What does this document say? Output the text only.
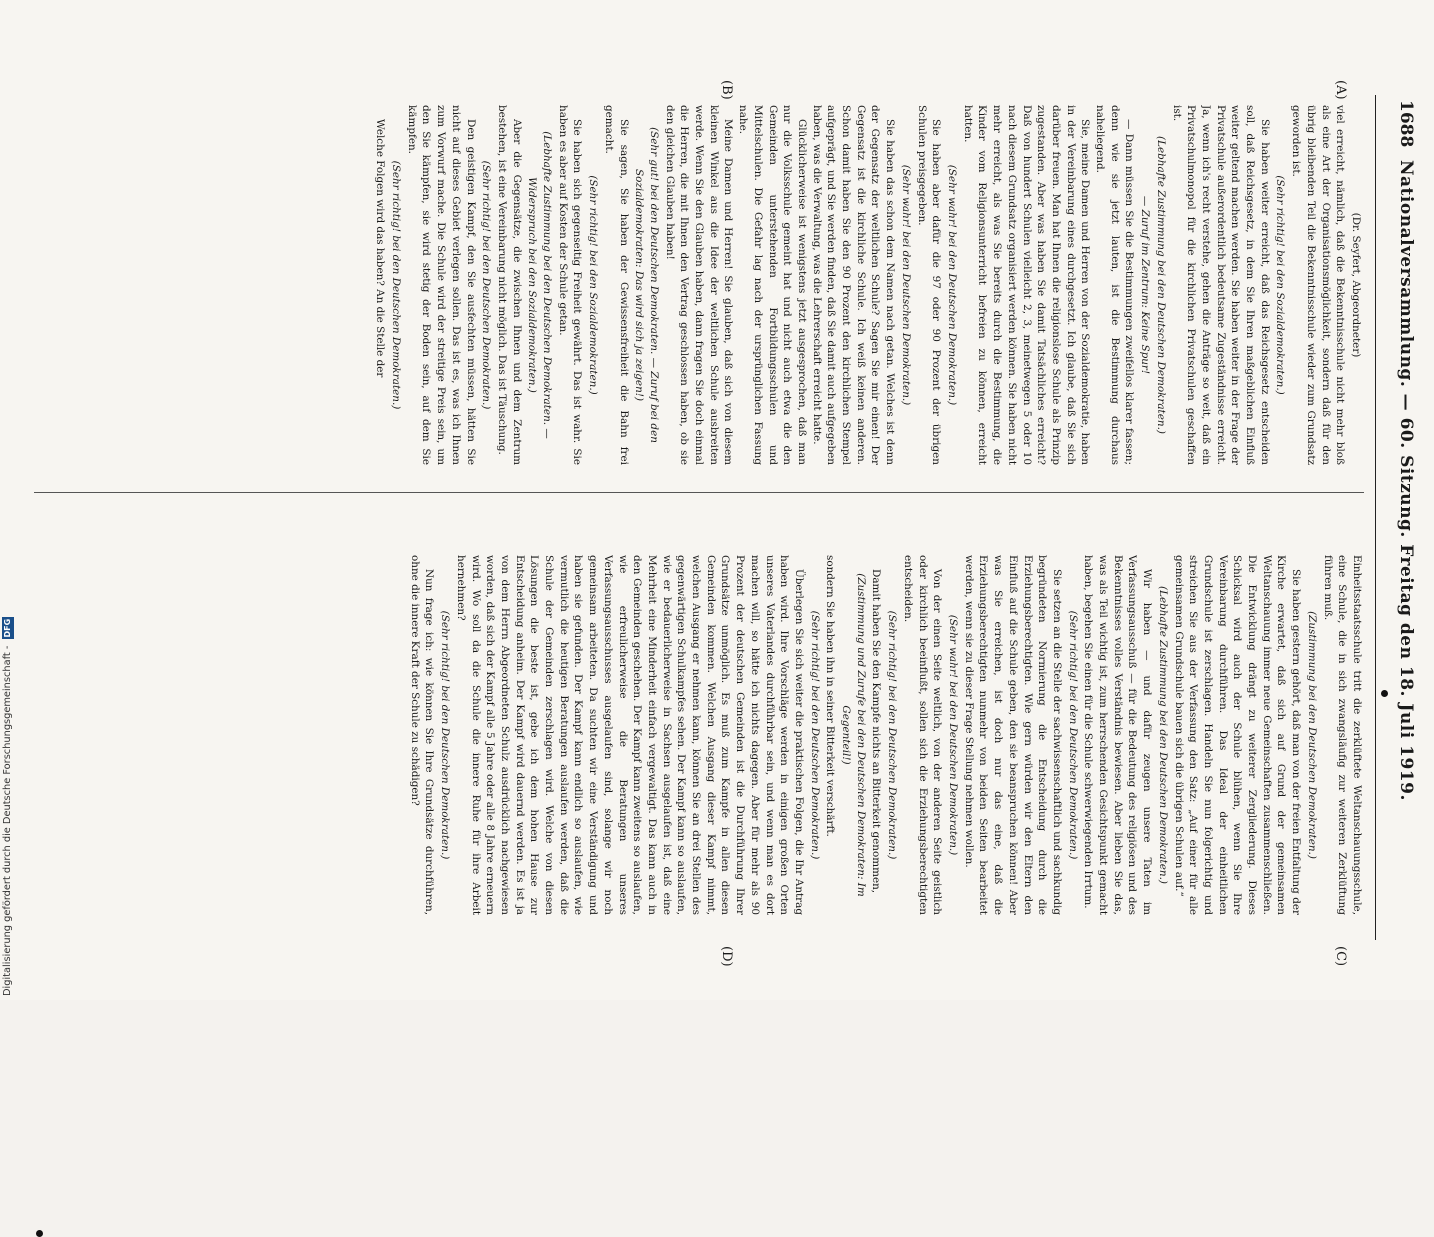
1688
Nationalversammlung. — 60. Sitzung. Freitag den 18. Juli 1919.
(A)
(B)
(C)
(D)

(Dr. Seyfert, Abgeordneter)

viel erreicht, nämlich, daß die Bekenntnisschule nicht mehr bloß als eine Art der Organisationsmöglichkeit, sondern daß für den übrig bleibenden Teil die Bekenntnisschule wieder zum Grundsatz geworden ist.

(Sehr richtig! bei den Sozialdemokraten.)

Sie haben weiter erreicht, daß das Reichsgesetz entscheiden soll, daß Reichsgesetz, in dem Sie Ihren maßgeblichen Einfluß weiter geltend machen werden. Sie haben weiter in der Frage der Privatschule außerordentlich bedeutsame Zugeständnisse erreicht. Ja, wenn ich's recht verstehe, gehen die Anträge so weit, daß ein Privatschulmonopol für die kirchlichen Privatschulen geschaffen ist.

(Lebhafte Zustimmung bei den Deutschen Demokraten.)

— Zuruf im Zentrum: Keine Spur!

— Dann müssen Sie die Bestimmungen zweifellos klarer fassen; denn wie sie jetzt lauten, ist die Bestimmung durchaus naheliegend.

Sie, meine Damen und Herren von der Sozialdemokratie, haben in der Vereinbarung eines durchgesetzt. Ich glaube, daß Sie sich darüber freuen. Man hat Ihnen die religionslose Schule als Prinzip zugestanden. Aber was haben Sie damit Tatsächliches erreicht? Daß von hundert Schulen vielleicht 2, 3, meinetwegen 5 oder 10 nach diesem Grundsatz organisiert werden können. Sie haben nicht mehr erreicht, als was Sie bereits durch die Bestimmung, die Kinder vom Religionsunterricht befreien zu können, erreicht hatten.

(Sehr wahr! bei den Deutschen Demokraten.)

Sie haben aber dafür die 97 oder 90 Prozent der übrigen Schulen preisgegeben.

(Sehr wahr! bei den Deutschen Demokraten.)

Sie haben das schon dem Namen nach getan. Welches ist denn der Gegensatz der weltlichen Schule? Sagen Sie mir einen! Der Gegensatz ist die kirchliche Schule. Ich weiß keinen anderen. Schon damit haben Sie den 90 Prozent den kirchlichen Stempel aufgeprägt, und Sie werden finden, daß Sie damit auch aufgegeben haben, was die Verwaltung, was die Lehrerschaft erreicht hatte.

Glücklicherweise ist wenigstens jetzt ausgesprochen, daß man nur die Volksschule gemeint hat und nicht auch etwa die den Gemeinden unterstehenden Fortbildungsschulen und Mittelschulen. Die Gefahr lag nach der ursprünglichen Fassung nahe.

Meine Damen und Herren! Sie glauben, daß sich von diesem kleinen Winkel aus die Idee der weltlichen Schule ausbreiten werde. Wenn Sie den Glauben haben, dann fragen Sie doch einmal die Herren, die mit Ihnen den Vertrag geschlossen haben, ob sie den gleichen Glauben haben!

(Sehr gut! bei den Deutschen Demokraten. — Zuruf bei den Sozialdemokraten: Das wird sich ja zeigen!)

Sie sagen, Sie haben der Gewissensfreiheit die Bahn frei gemacht.

(Sehr richtig! bei den Sozialdemokraten.)

Sie haben sich gegenseitig Freiheit gewährt. Das ist wahr. Sie haben es aber auf Kosten der Schule getan.

(Lebhafte Zustimmung bei den Deutschen Demokraten. — Widerspruch bei den Sozialdemokraten.)

Aber die Gegensätze, die zwischen Ihnen und dem Zentrum bestehen, ist eine Vereinbarung nicht möglich. Das ist Täuschung.

(Sehr richtig! bei den Deutschen Demokraten.)

Den geistigen Kampf, den Sie ausfechten müssen, hätten Sie nicht auf dieses Gebiet verlegen sollen. Das ist es, was ich Ihnen zum Vorwurf mache. Die Schule wird der streitige Preis sein, um den Sie kämpfen, sie wird stetig der Boden sein, auf dem Sie kämpfen.

(Sehr richtig! bei den Deutschen Demokraten.)

Welche Folgen wird das haben? An die Stelle der

Einheitsstaatsschule tritt die zerklüftete Weltanschauungsschule, eine Schule, die in sich zwangsläufig zur weiteren Zerklüftung führen muß.

(Zustimmung bei den Deutschen Demokraten.)

Sie haben gestern gehört, daß man von der freien Entfaltung der Kirche erwartet, daß sich auf Grund der gemeinsamen Weltanschauung immer neue Gemeinschaften zusammenschließen. Die Entwicklung drängt zu weiterer Zergliederung. Dieses Schicksal wird auch der Schule blühen, wenn Sie Ihre Vereinbarung durchführen. Das Ideal der einheitlichen Grundschule ist zerschlagen. Handeln Sie nun folgerichtig und streichen Sie aus der Verfassung den Satz: „Auf einer für alle gemeinsamen Grundschule bauen sich die übrigen Schulen auf.“

(Lebhafte Zustimmung bei den Deutschen Demokraten.)

Wir haben — und dafür zeugen unsere Taten im Verfassungsausschuß — für die Bedeutung des religiösen und des Bekenntnisses volles Verständnis bewiesen. Aber lieben Sie das, was als Teil wichtig ist, zum herrschenden Gesichtspunkt gemacht haben, begehen Sie einen für die Schule schwerwiegenden Irrtum.

(Sehr richtig! bei den Deutschen Demokraten.)

Sie setzen an die Stelle der sachwissenschaftlich und sachkundig begründeten Normierung die Entscheidung durch die Erziehungsberechtigten. Wie gern würden wir den Eltern den Einfluß auf die Schule geben, den sie beanspruchen können! Aber was Sie erreichen, ist doch nur das eine, daß die Erziehungsberechtigten nunmehr von beiden Seiten bearbeitet werden, wenn sie zu dieser Frage Stellung nehmen wollen.

(Sehr wahr! bei den Deutschen Demokraten.)

Von der einen Seite weltlich, von der anderen Seite geistlich oder kirchlich beeinflußt, sollen sich die Erziehungsberechtigten entscheiden.

(Sehr richtig! bei den Deutschen Demokraten.)

Damit haben Sie den Kampfe nichts an Bitterkeit genommen,

(Zustimmung und Zurufe bei den Deutschen Demokraten: Im Gegenteil!)

sondern Sie haben ihn in seiner Bitterkeit verschärft.

(Sehr richtig! bei den Deutschen Demokraten.)

Überlegen Sie sich weiter die praktischen Folgen, die Ihr Antrag haben wird. Ihre Vorschläge werden in einigen großen Orten unseres Vaterlandes durchführbar sein, und wenn man es dort machen will, so hätte ich nichts dagegen. Aber für mehr als 90 Prozent der deutschen Gemeinden ist die Durchführung Ihrer Grundsätze unmöglich. Es muß zum Kampfe in allen diesen Gemeinden kommen. Welchen Ausgang dieser Kampf nimmt, welchen Ausgang er nehmen kann, können Sie an drei Stellen des gegenwärtigen Schulkampfes sehen. Der Kampf kann so auslaufen, wie er bedauerlicherweise in Sachsen ausgelaufen ist, daß eine Mehrheit eine Minderheit einfach vergewaltigt. Das kann auch in den Gemeinden geschehen. Der Kampf kann zweitens so auslaufen, wie erfreulicherweise die Beratungen unseres Verfassungsausschusses ausgelaufen sind, solange wir noch gemeinsam arbeiteten. Da suchten wir eine Verständigung und haben sie gefunden. Der Kampf kann endlich so auslaufen, wie vermutlich die heutigen Beratungen auslaufen werden, daß die Schule der Gemeinden zerschlagen wird. Welche von diesen Lösungen die beste ist, gebe ich dem hohen Hause zur Entscheidung anheim. Der Kampf wird dauernd werden. Es ist ja von dem Herrn Abgeordneten Schulz ausdrücklich nachgewiesen worden, daß sich der Kampf alle 5 Jahre oder alle 8 Jahre erneuern wird. Wo soll da die Schule die innere Ruhe für ihre Arbeit hernehmen?

(Sehr richtig! bei den Deutschen Demokraten.)

Nun frage ich: wie können Sie Ihre Grundsätze durchführen, ohne die innere Kraft der Schule zu schädigen?

Digitalisierung gefördert durch die Deutsche Forschungsgemeinschaft - DFG
